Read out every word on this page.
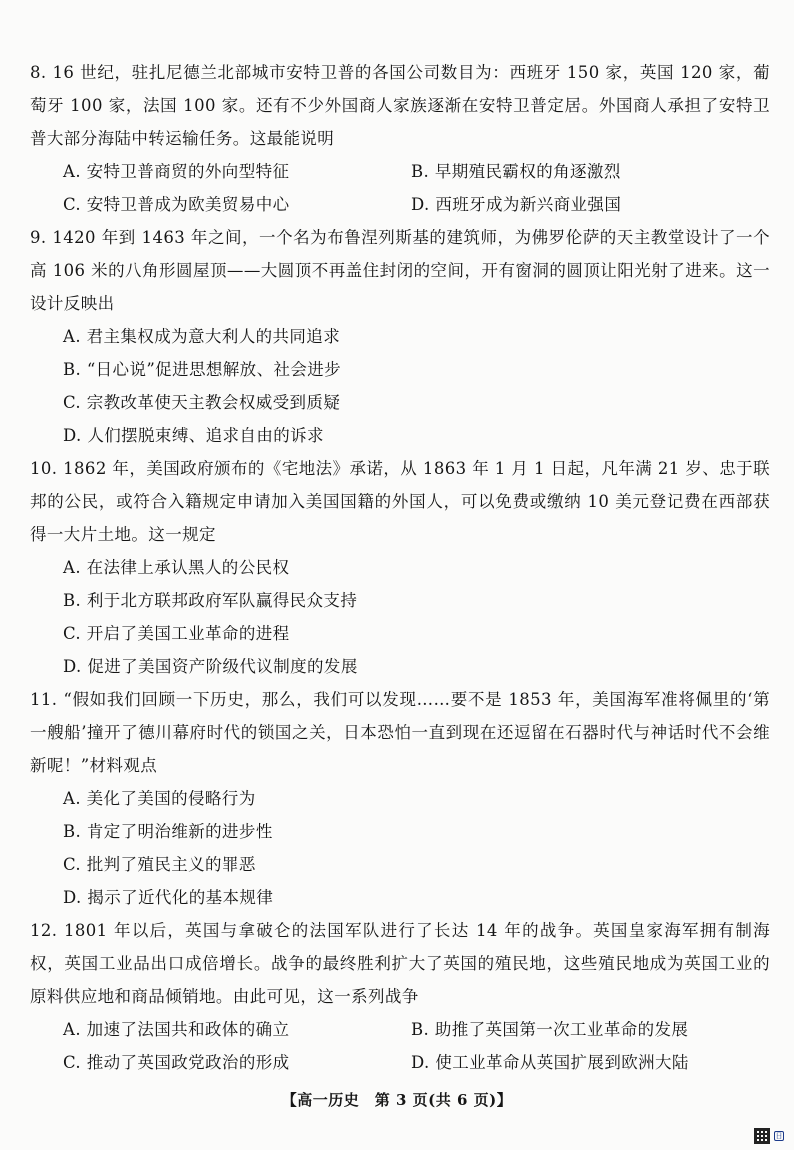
8. 16 世纪，驻扎尼德兰北部城市安特卫普的各国公司数目为：西班牙 150 家，英国 120 家，葡萄牙 100 家，法国 100 家。还有不少外国商人家族逐渐在安特卫普定居。外国商人承担了安特卫普大部分海陆中转运输任务。这最能说明

A. 安特卫普商贸的外向型特征	B. 早期殖民霸权的角逐激烈
C. 安特卫普成为欧美贸易中心	D. 西班牙成为新兴商业强国

9. 1420 年到 1463 年之间，一个名为布鲁涅列斯基的建筑师，为佛罗伦萨的天主教堂设计了一个高 106 米的八角形圆屋顶——大圆顶不再盖住封闭的空间，开有窗洞的圆顶让阳光射了进来。这一设计反映出

A. 君主集权成为意大利人的共同追求

B. “日心说”促进思想解放、社会进步

C. 宗教改革使天主教会权威受到质疑

D. 人们摆脱束缚、追求自由的诉求

10. 1862 年，美国政府颁布的《宅地法》承诺，从 1863 年 1 月 1 日起，凡年满 21 岁、忠于联邦的公民，或符合入籍规定申请加入美国国籍的外国人，可以免费或缴纳 10 美元登记费在西部获得一大片土地。这一规定

A. 在法律上承认黑人的公民权

B. 利于北方联邦政府军队赢得民众支持

C. 开启了美国工业革命的进程

D. 促进了美国资产阶级代议制度的发展

11. “假如我们回顾一下历史，那么，我们可以发现……要不是 1853 年，美国海军准将佩里的‘第一艘船’撞开了德川幕府时代的锁国之关，日本恐怕一直到现在还逗留在石器时代与神话时代不会维新呢！”材料观点

A. 美化了美国的侵略行为

B. 肯定了明治维新的进步性

C. 批判了殖民主义的罪恶

D. 揭示了近代化的基本规律

12. 1801 年以后，英国与拿破仑的法国军队进行了长达 14 年的战争。英国皇家海军拥有制海权，英国工业品出口成倍增长。战争的最终胜利扩大了英国的殖民地，这些殖民地成为英国工业的原料供应地和商品倾销地。由此可见，这一系列战争

A. 加速了法国共和政体的确立	B. 助推了英国第一次工业革命的发展
C. 推动了英国政党政治的形成	D. 使工业革命从英国扩展到欧洲大陆
【高一历史　第 3 页(共 6 页)】
日
